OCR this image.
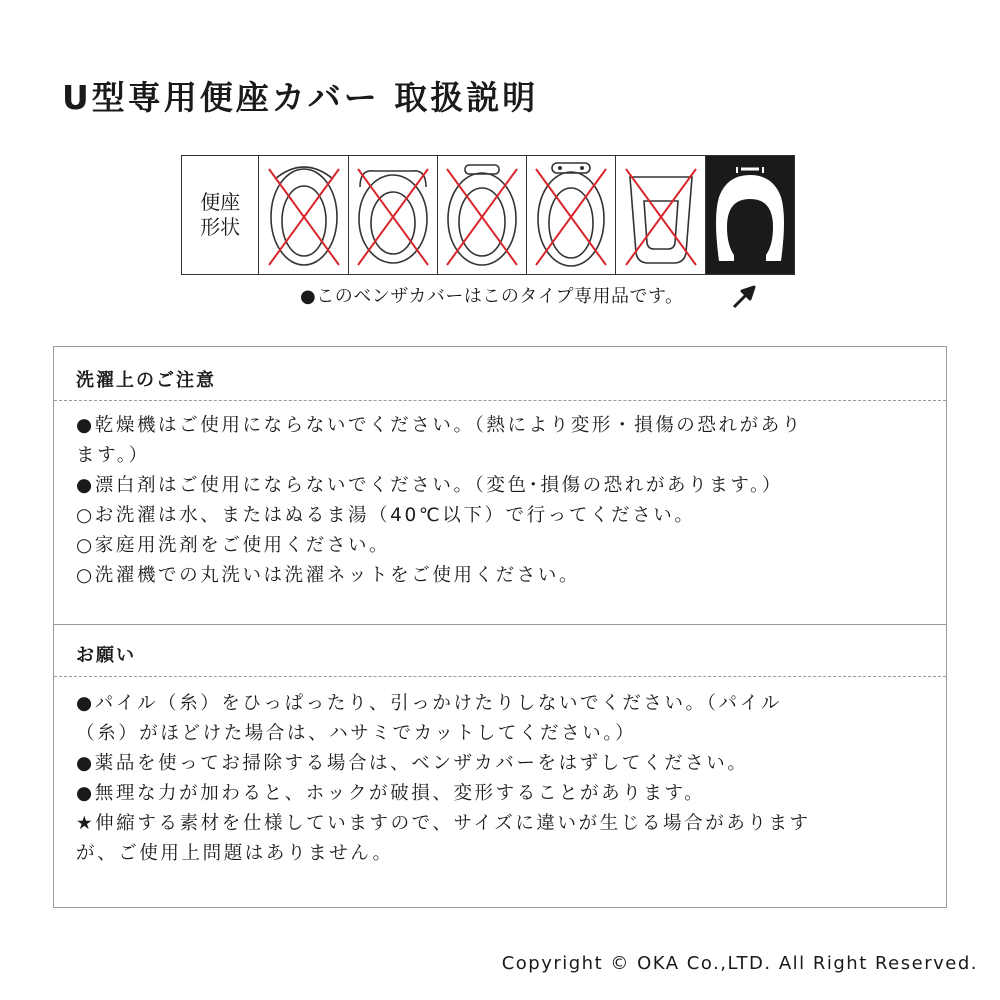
U型専用便座カバー 取扱説明
便座
形状
●このベンザカバーはこのタイプ専用品です。
洗濯上のご注意
●乾燥機はご使用にならないでください。（熱により変形・損傷の恐れがあり
ます。）
●漂白剤はご使用にならないでください。（変色･損傷の恐れがあります。）
○お洗濯は水、またはぬるま湯（40℃以下）で行ってください。
○家庭用洗剤をご使用ください。
○洗濯機での丸洗いは洗濯ネットをご使用ください。
お願い
●パイル（糸）をひっぱったり、引っかけたりしないでください。（パイル
（糸）がほどけた場合は、ハサミでカットしてください。）
●薬品を使ってお掃除する場合は、ベンザカバーをはずしてください。
●無理な力が加わると、ホックが破損、変形することがあります。
★伸縮する素材を仕様していますので、サイズに違いが生じる場合があります
が、ご使用上問題はありません。
Copyright © OKA Co.,LTD. All Right Reserved.
